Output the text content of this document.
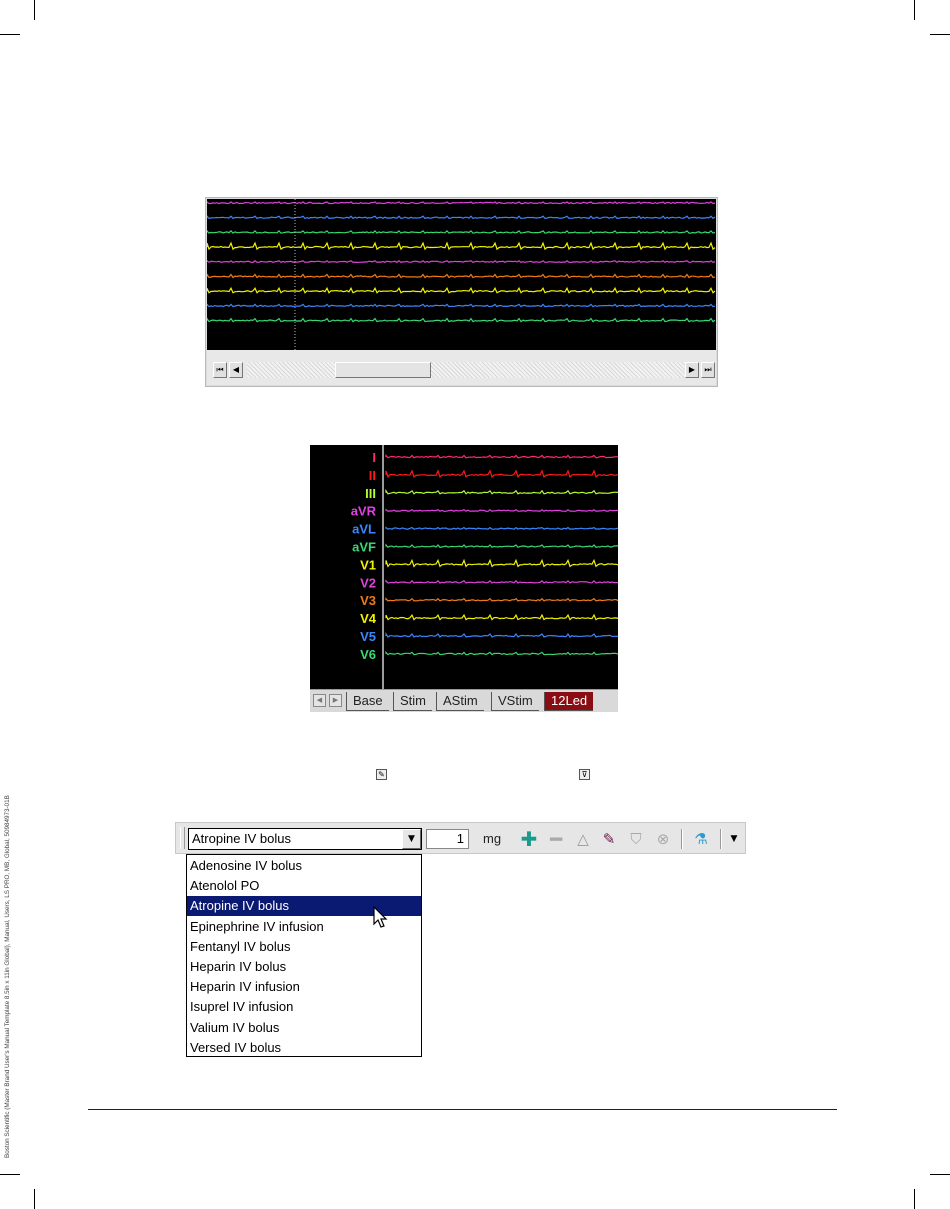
Boston Scientific (Master Brand User's Manual Template 8.5in x 11in Global), Manual, Users, LS PRO, MB, Global, 50984973-01B
⏮	◀	▶	⏭
I
II
III
aVR
aVL
aVF
V1
V2
V3
V4
V5
V6
◀	▶	Base	Stim	AStim	VStim	12Led
✎	⊽
Atropine IV bolus	▼	1	mg ✚ ━ △ ✎ ⛉ ⊗ ⚗	▼
Adenosine IV bolus
Atenolol PO
Atropine IV bolus
Epinephrine IV infusion
Fentanyl IV bolus
Heparin IV bolus
Heparin IV infusion
Isuprel IV infusion
Valium IV bolus
Versed IV bolus
